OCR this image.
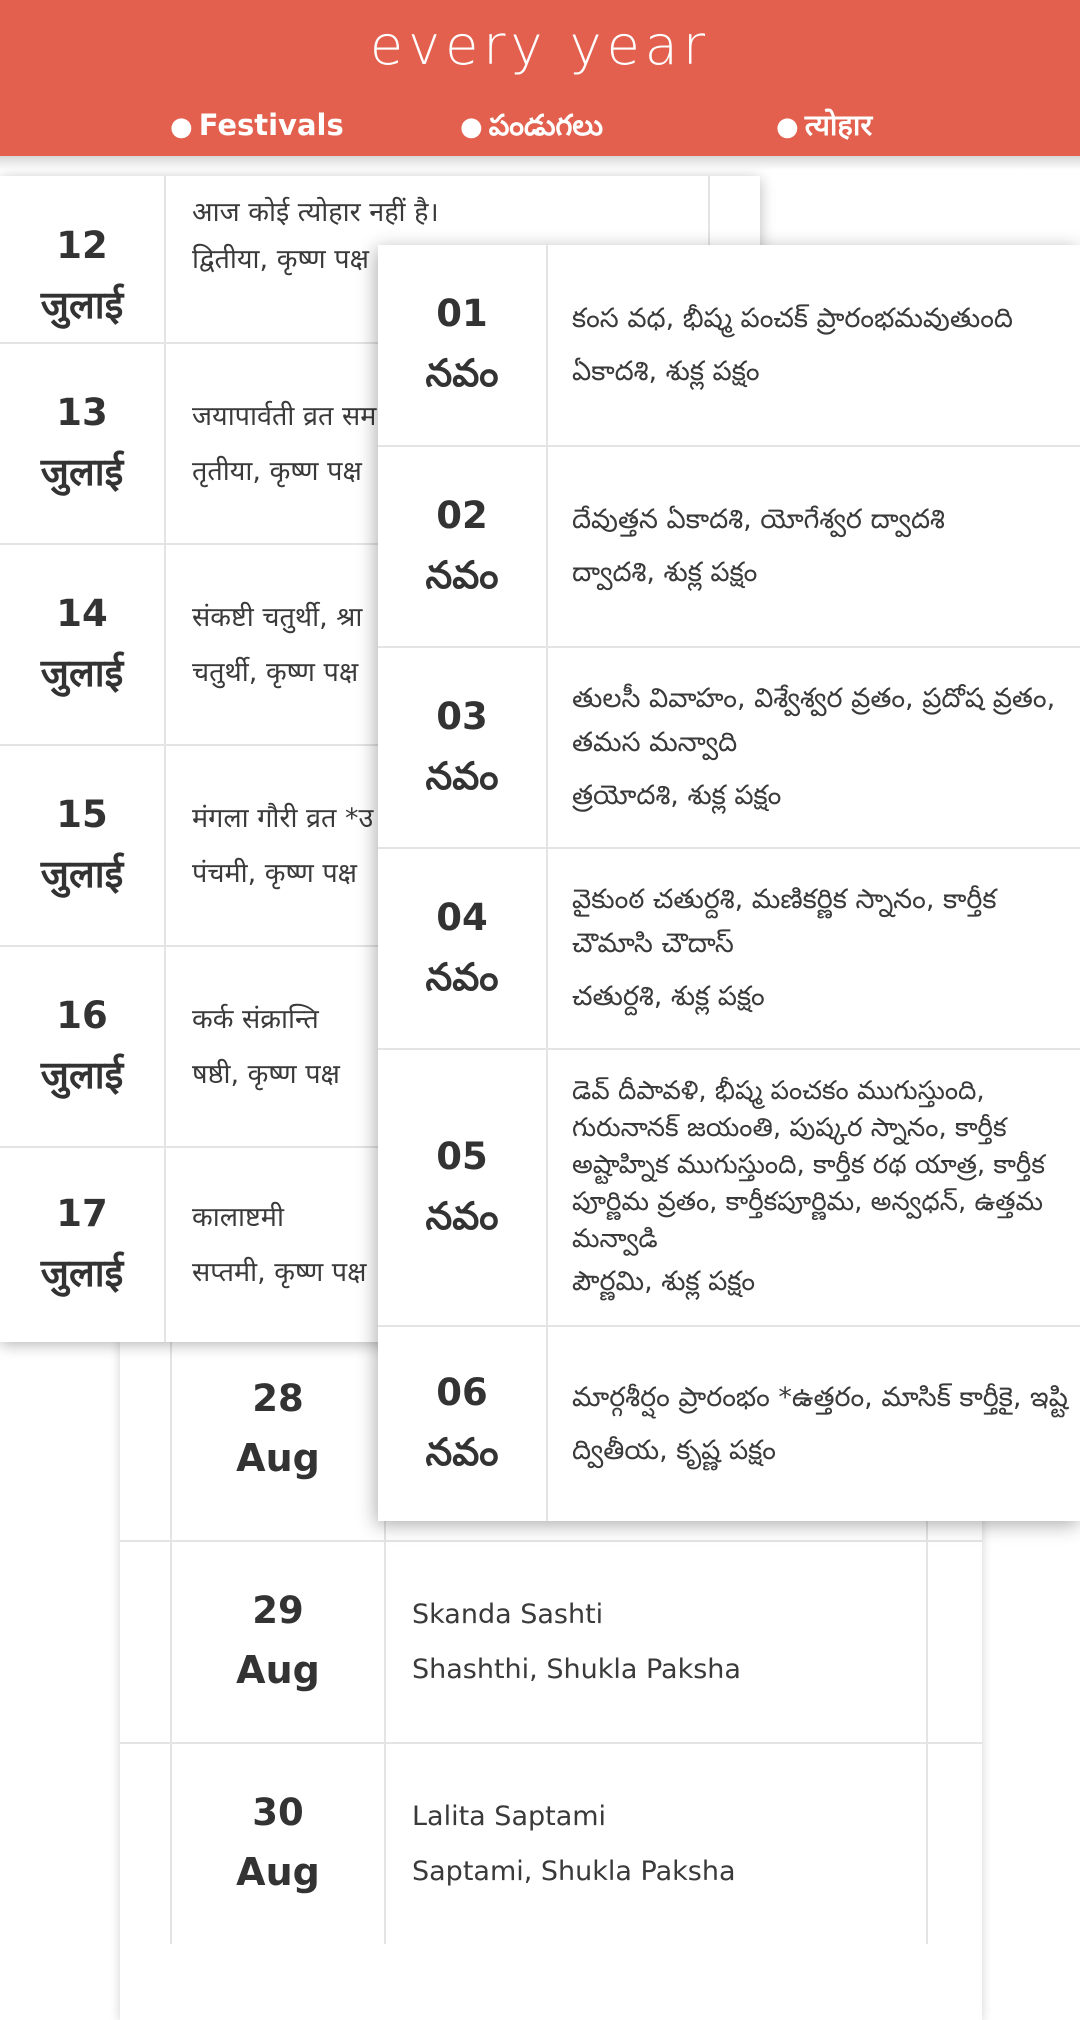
every year
● Festivals	● పండుగలు	● त्योहार
28
Aug
29
Aug
Skanda Sashti
Shashthi, Shukla Paksha
30
Aug
Lalita Saptami
Saptami, Shukla Paksha
12
जुलाई
आज कोई त्योहार नहीं है।
द्वितीया, कृष्ण पक्ष
13
जुलाई
जयापार्वती व्रत सम
तृतीया, कृष्ण पक्ष
14
जुलाई
संकष्टी चतुर्थी, श्रा
चतुर्थी, कृष्ण पक्ष
15
जुलाई
मंगला गौरी व्रत *उ
पंचमी, कृष्ण पक्ष
16
जुलाई
कर्क संक्रान्ति
षष्ठी, कृष्ण पक्ष
17
जुलाई
कालाष्टमी
सप्तमी, कृष्ण पक्ष
01
నవం
కంస వధ, భీష్మ పంచక్ ప్రారంభమవుతుంది
ఏకాదశి, శుక్ల పక్షం
02
నవం
దేవుత్తన ఏకాదశి, యోగేశ్వర ద్వాదశి
ద్వాదశి, శుక్ల పక్షం
03
నవం
తులసీ వివాహం, విశ్వేశ్వర వ్రతం, ప్రదోష వ్రతం, తమస మన్వాది
త్రయోదశి, శుక్ల పక్షం
04
నవం
వైకుంఠ చతుర్దశి, మణికర్ణిక స్నానం, కార్తీక చౌమాసి చౌదాస్
చతుర్దశి, శుక్ల పక్షం
05
నవం
డెవ్ దీపావళి, భీష్మ పంచకం ముగుస్తుంది, గురునానక్ జయంతి, పుష్కర స్నానం, కార్తీక అష్టాహ్నిక ముగుస్తుంది, కార్తీక రథ యాత్ర, కార్తీక పూర్ణిమ వ్రతం, కార్తీకపూర్ణిమ, అన్వధన్, ఉత్తమ మన్వాడి
పౌర్ణమి, శుక్ల పక్షం
06
నవం
మార్గశీర్షం ప్రారంభం *ఉత్తరం, మాసిక్ కార్తీకై, ఇష్టి
ద్వితీయ, కృష్ణ పక్షం
